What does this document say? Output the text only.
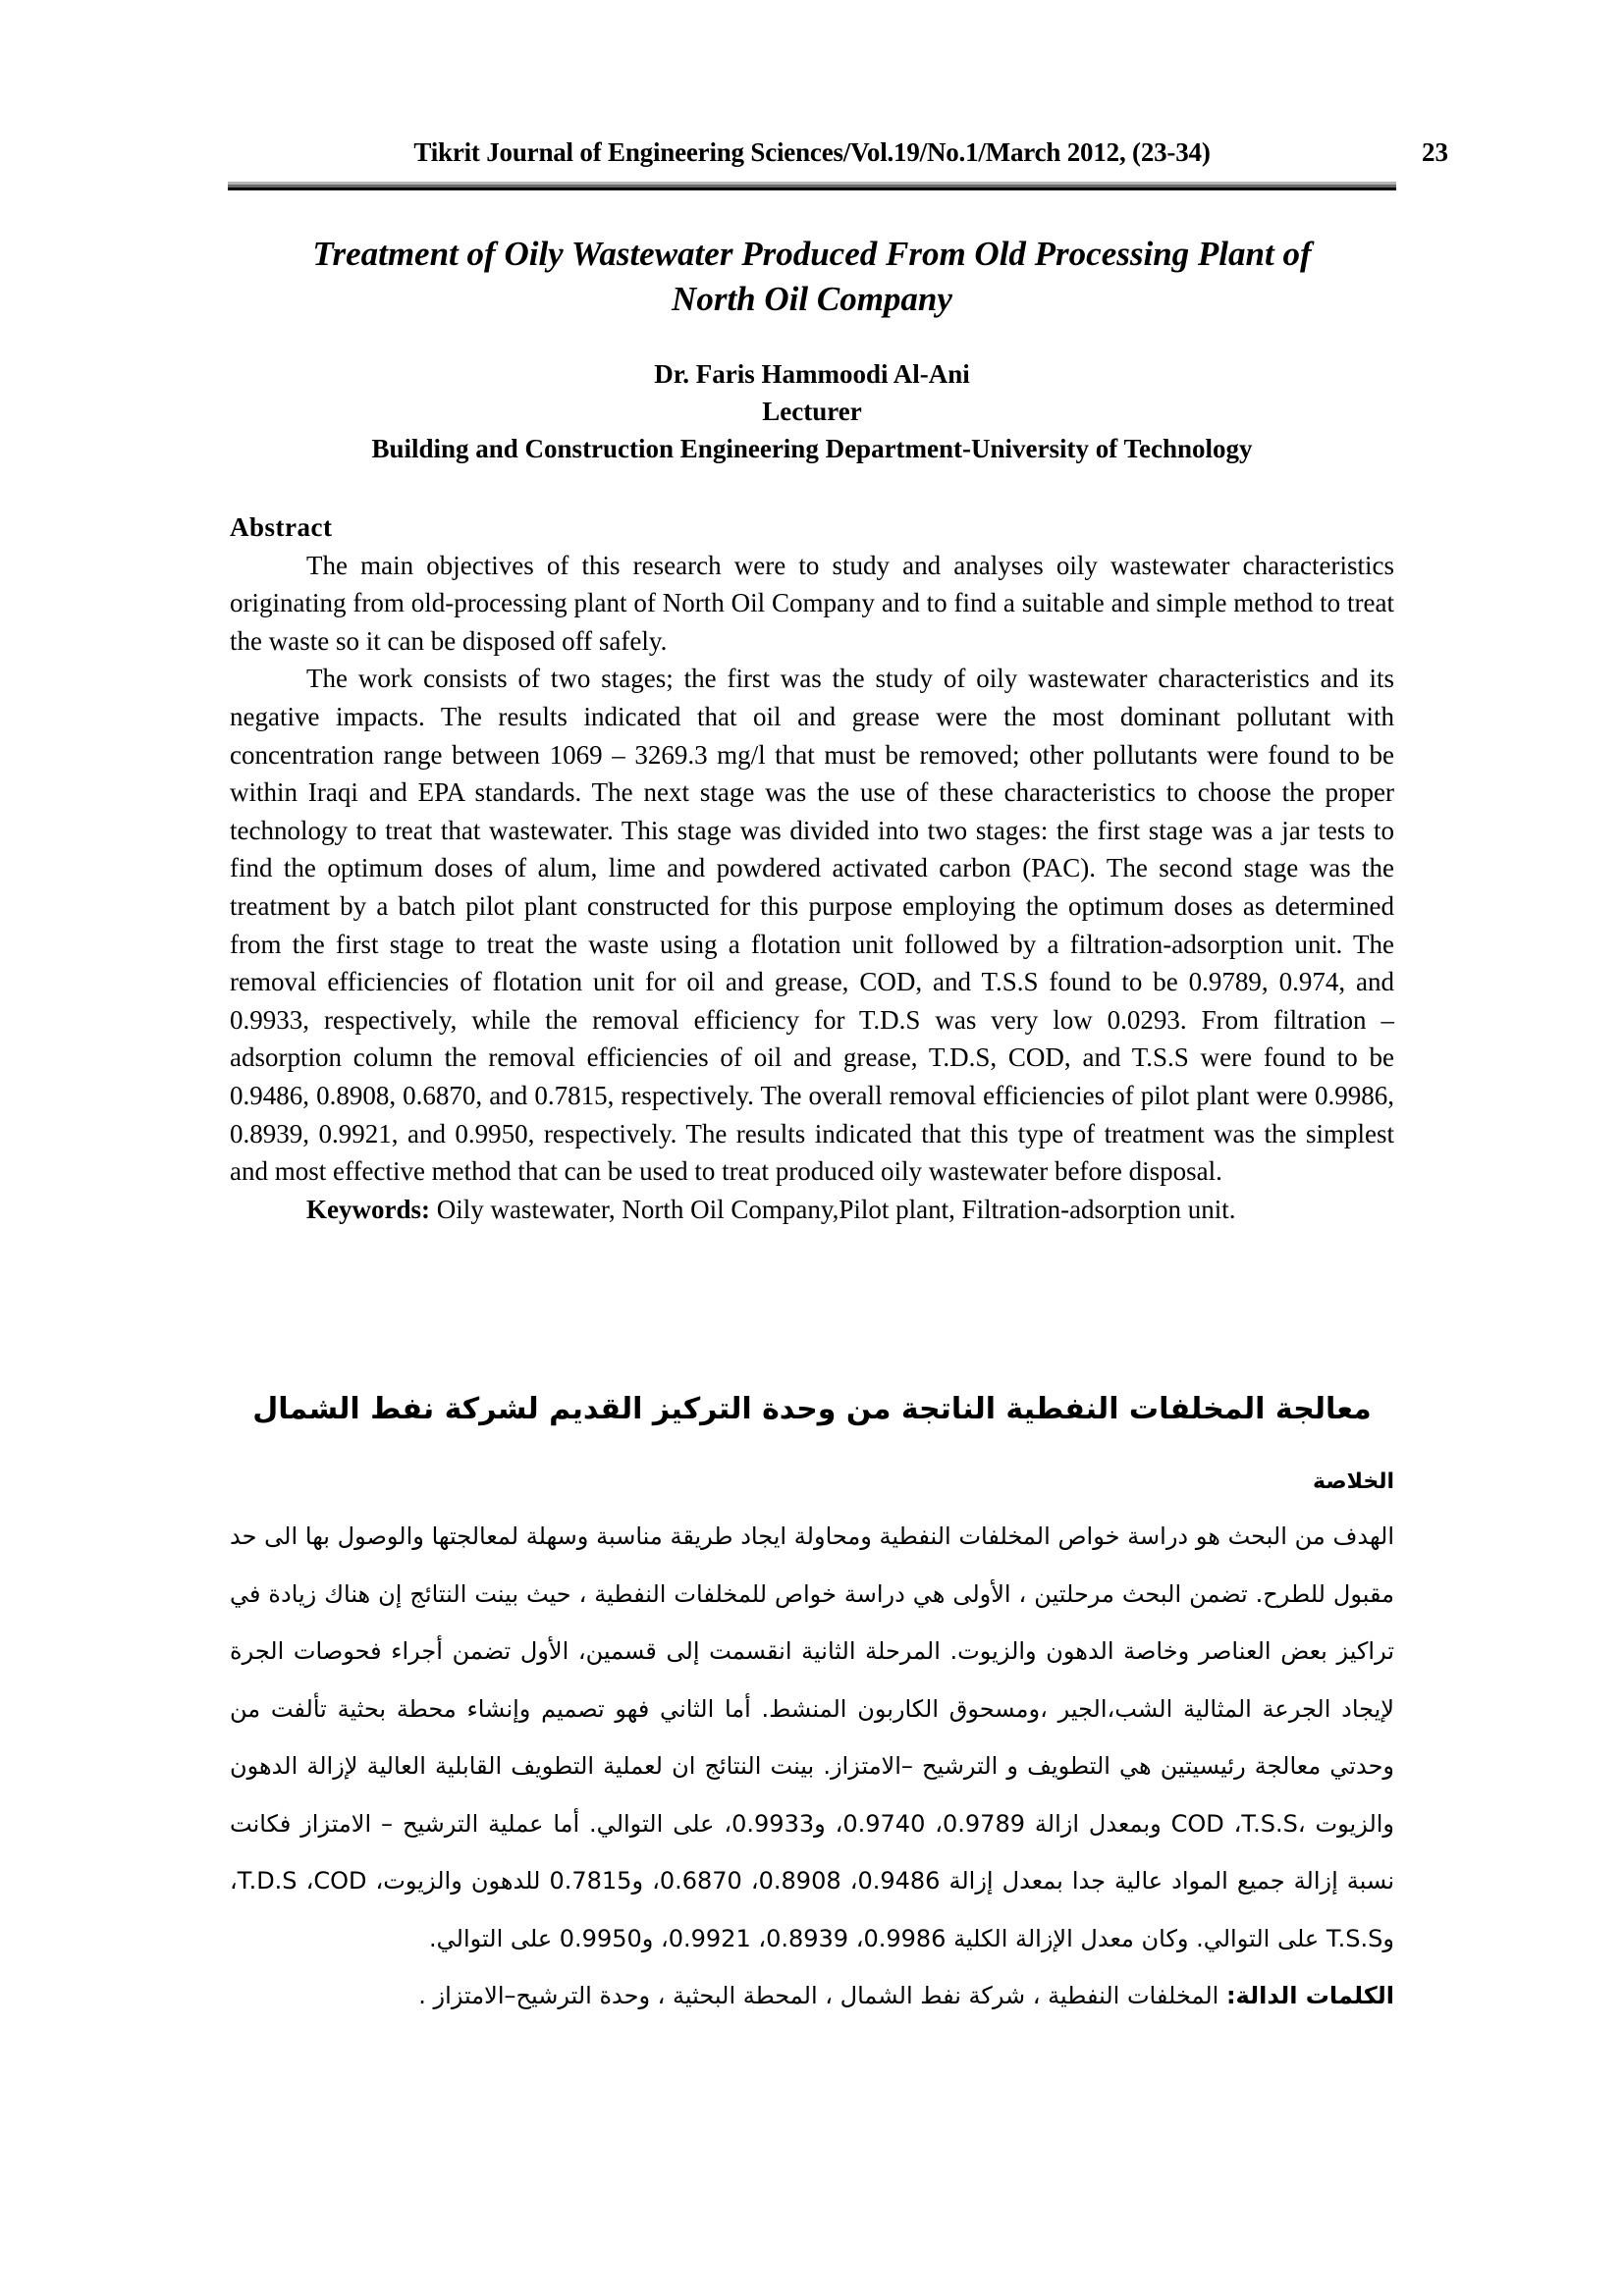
Tikrit Journal of Engineering Sciences/Vol.19/No.1/March 2012, (23-34)	23
Treatment of Oily Wastewater Produced From Old Processing Plant of
North Oil Company
Dr. Faris Hammoodi Al-Ani
Lecturer
Building and Construction Engineering Department-University of Technology
Abstract

The main objectives of this research were to study and analyses oily wastewater characteristics originating from old-processing plant of North Oil Company and to find a suitable and simple method to treat the waste so it can be disposed off safely.

The work consists of two stages; the first was the study of oily wastewater characteristics and its negative impacts. The results indicated that oil and grease were the most dominant pollutant with concentration range between 1069 – 3269.3 mg/l that must be removed; other pollutants were found to be within Iraqi and EPA standards. The next stage was the use of these characteristics to choose the proper technology to treat that wastewater. This stage was divided into two stages: the first stage was a jar tests to find the optimum doses of alum, lime and powdered activated carbon (PAC). The second stage was the treatment by a batch pilot plant constructed for this purpose employing the optimum doses as determined from the first stage to treat the waste using a flotation unit followed by a filtration-adsorption unit. The removal efficiencies of flotation unit for oil and grease, COD, and T.S.S found to be 0.9789, 0.974, and 0.9933, respectively, while the removal efficiency for T.D.S was very low 0.0293. From filtration – adsorption column the removal efficiencies of oil and grease, T.D.S, COD, and T.S.S were found to be 0.9486, 0.8908, 0.6870, and 0.7815, respectively. The overall removal efficiencies of pilot plant were 0.9986, 0.8939, 0.9921, and 0.9950, respectively. The results indicated that this type of treatment was the simplest and most effective method that can be used to treat produced oily wastewater before disposal.

Keywords: Oily wastewater, North Oil Company,Pilot plant, Filtration-adsorption unit.

معالجة المخلفات النفطية الناتجة من وحدة التركيز القديم لشركة نفط الشمال
الخلاصة

الهدف من البحث هو دراسة خواص المخلفات النفطية ومحاولة ايجاد طريقة مناسبة وسهلة لمعالجتها والوصول بها الى حد مقبول للطرح. تضمن البحث مرحلتين ، الأولى هي دراسة خواص للمخلفات النفطية ، حيث بينت النتائج إن هناك زيادة في تراكيز بعض العناصر وخاصة الدهون والزيوت. المرحلة الثانية انقسمت إلى قسمين، الأول تضمن أجراء فحوصات الجرة لإيجاد الجرعة المثالية الشب،الجير ،ومسحوق الكاربون المنشط. أما الثاني فهو تصميم وإنشاء محطة بحثية تألفت من وحدتي معالجة رئيسيتين هي التطويف و الترشيح –الامتزاز. بينت النتائج ان لعملية التطويف القابلية العالية لإزالة الدهون والزيوت ،COD ،T.S.S وبمعدل ازالة 0.9789، 0.9740، و0.9933، على التوالي. أما عملية الترشيح – الامتزاز فكانت نسبة إزالة جميع المواد عالية جدا بمعدل إزالة 0.9486، 0.8908، 0.6870، و0.7815 للدهون والزيوت، T.D.S ،COD، وT.S.S على التوالي. وكان معدل الإزالة الكلية 0.9986، 0.8939، 0.9921، و0.9950 على التوالي.

الكلمات الدالة: المخلفات النفطية ، شركة نفط الشمال ، المحطة البحثية ، وحدة الترشيح–الامتزاز .
